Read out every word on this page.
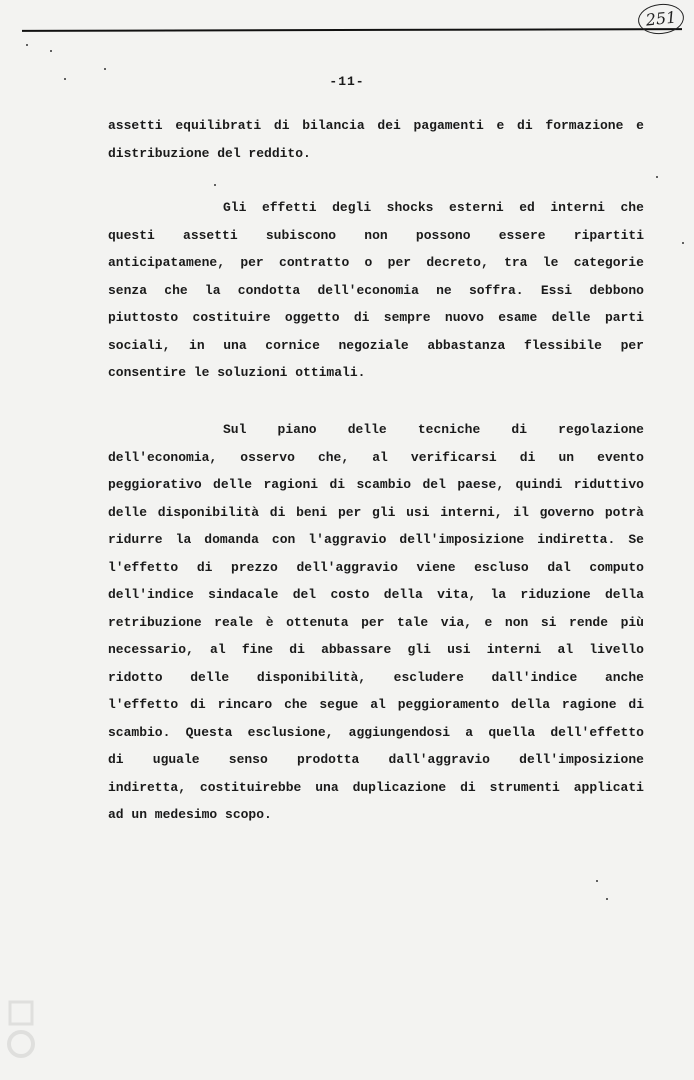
251
-11-
assetti equilibrati di bilancia dei pagamenti e di formazione e
distribuzione del reddito.
Gli effetti degli shocks esterni ed interni che
questi assetti subiscono non possono essere ripartiti
anticipatamene, per contratto o per decreto, tra le categorie
senza che la condotta dell'economia ne soffra. Essi debbono
piuttosto costituire oggetto di sempre nuovo esame delle parti
sociali, in una cornice negoziale abbastanza flessibile per
consentire le soluzioni ottimali.
Sul piano delle tecniche di regolazione
dell'economia, osservo che, al verificarsi di un evento
peggiorativo delle ragioni di scambio del paese, quindi riduttivo
delle disponibilità di beni per gli usi interni, il governo potrà
ridurre la domanda con l'aggravio dell'imposizione indiretta. Se
l'effetto di prezzo dell'aggravio viene escluso dal computo
dell'indice sindacale del costo della vita, la riduzione della
retribuzione reale è ottenuta per tale via, e non si rende più
necessario, al fine di abbassare gli usi interni al livello
ridotto delle disponibilità, escludere dall'indice anche
l'effetto di rincaro che segue al peggioramento della ragione di
scambio. Questa esclusione, aggiungendosi a quella dell'effetto
di uguale senso prodotta dall'aggravio dell'imposizione
indiretta, costituirebbe una duplicazione di strumenti applicati
ad un medesimo scopo.
